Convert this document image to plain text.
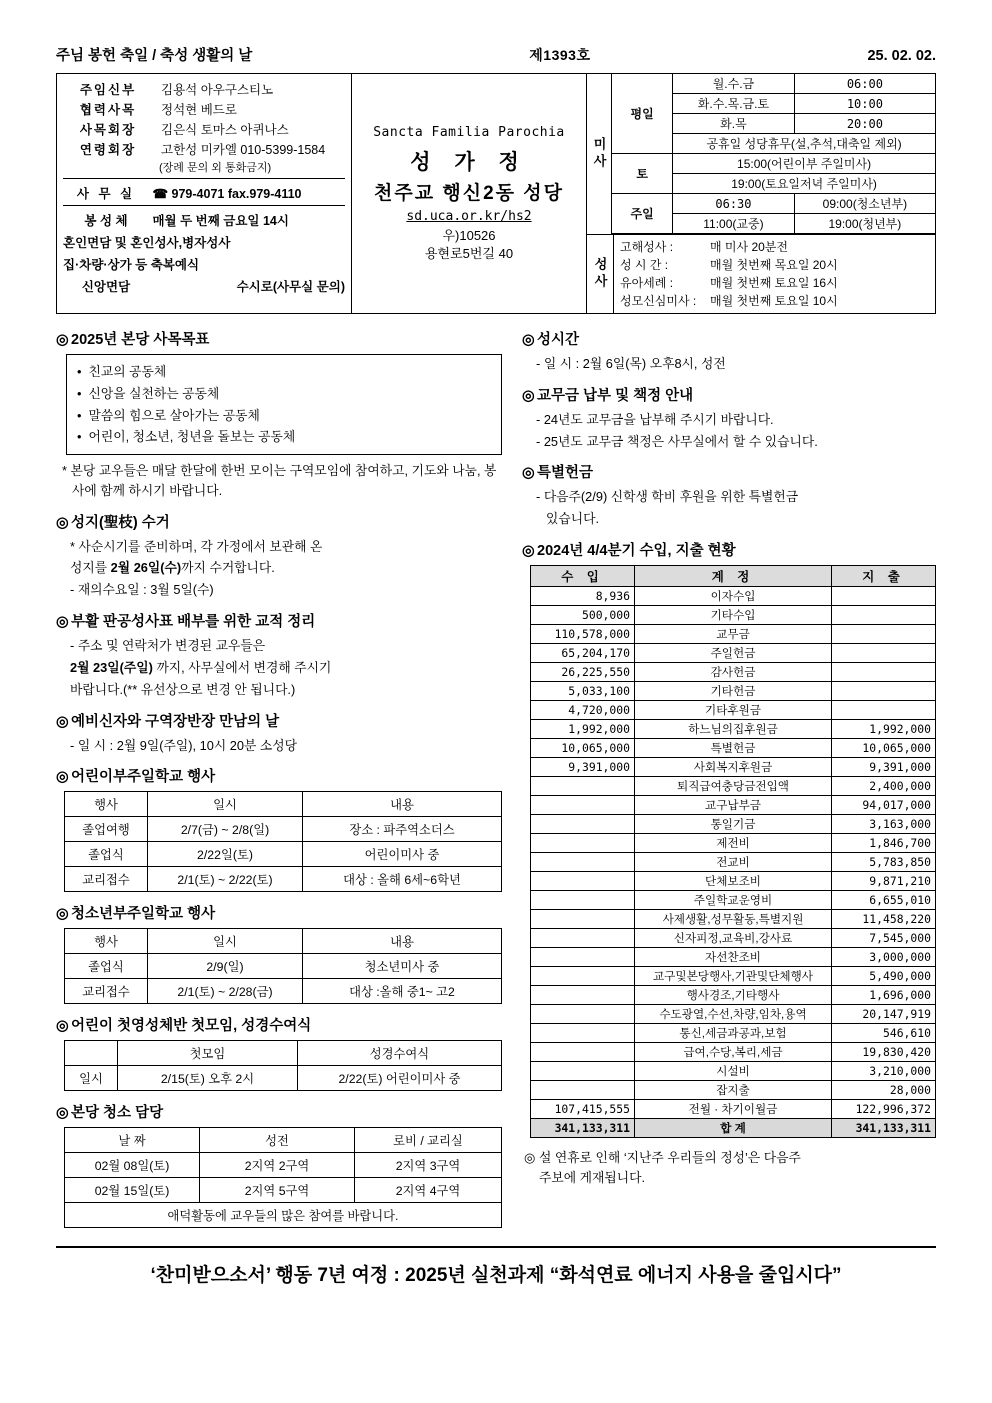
주님 봉헌 축일 / 축성 생활의 날	제1393호	25. 02. 02.
주임신부	김용석 아우구스티노
협력사목	정석현 베드로
사목회장	김은식 토마스 아퀴나스
연령회장	고한성 미카엘 010-5399-1584
(장례 문의 외 통화금지)
사 무 실 ☎ 979-4071 fax.979-4110
봉 성 체 매월 두 번째 금요일 14시
혼인면담 및 혼인성사,병자성사
집·차량·상가 등 축복예식
신앙면담	수시로(사무실 문의)
Sancta Familia Parochia
성 가 정
천주교 행신2동 성당
sd.uca.or.kr/hs2
우)10526
용현로5번길 40
미사
평일	월.수.금	06:00
	화.수.목.금.토	10:00
	화.목	20:00
	공휴일 성당휴무(설,추석,대축일 제외)	
토	15:00(어린이부 주일미사)	
	19:00(토요일저녁 주일미사)	
주일	06:30	09:00(청소년부)
	11:00(교중)	19:00(청년부)
성사
고해성사 :	매 미사 20분전
성 시 간 :	매월 첫번째 목요일 20시
유아세례 :	매월 첫번째 토요일 16시
성모신심미사 : 매월 첫번째 토요일 10시
◎ 2025년 본당 사목목표
• 친교의 공동체
• 신앙을 실천하는 공동체
• 말씀의 힘으로 살아가는 공동체
• 어린이, 청소년, 청년을 돌보는 공동체
* 본당 교우들은 매달 한달에 한번 모이는 구역모임에 참여하고, 기도와 나눔, 봉사에 함께 하시기 바랍니다.
◎ 성지(聖枝) 수거
* 사순시기를 준비하며, 각 가정에서 보관해 온
성지를 2월 26일(수)까지 수거합니다.
- 재의수요일 : 3월 5일(수)
◎ 부활 판공성사표 배부를 위한 교적 정리
- 주소 및 연락처가 변경된 교우들은
2월 23일(주일) 까지, 사무실에서 변경해 주시기
바랍니다.(** 유선상으로 변경 안 됩니다.)
◎ 예비신자와 구역장반장 만남의 날
- 일 시 : 2월 9일(주일), 10시 20분 소성당
◎ 어린이부주일학교 행사
행사	일시	내용
졸업여행	2/7(금) ~ 2/8(일)	장소 : 파주역소더스
졸업식	2/22일(토)	어린이미사 중
교리접수	2/1(토) ~ 2/22(토)	대상 : 올해 6세~6학년
◎ 청소년부주일학교 행사
행사	일시	내용
졸업식	2/9(일)	청소년미사 중
교리접수	2/1(토) ~ 2/28(금)	대상 :올해 중1~ 고2
◎ 어린이 첫영성체반 첫모임, 성경수여식
	첫모임	성경수여식
일시	2/15(토) 오후 2시	2/22(토) 어린이미사 중
◎ 본당 청소 담당
날 짜	성전	로비 / 교리실
02월 08일(토)	2지역 2구역	2지역 3구역
02월 15일(토)	2지역 5구역	2지역 4구역
애덕활동에 교우들의 많은 참여를 바랍니다.		
◎ 성시간
- 일 시 : 2월 6일(목) 오후8시, 성전
◎ 교무금 납부 및 책정 안내
- 24년도 교무금을 납부해 주시기 바랍니다.
- 25년도 교무금 책정은 사무실에서 할 수 있습니다.
◎ 특별헌금
- 다음주(2/9) 신학생 학비 후원을 위한 특별헌금
있습니다.
◎ 2024년 4/4분기 수입, 지출 현황
수 입	계 정	지 출
8,936	이자수입	
500,000	기타수입	
110,578,000	교무금	
65,204,170	주일헌금	
26,225,550	감사헌금	
5,033,100	기타헌금	
4,720,000	기타후원금	
1,992,000	하느님의집후원금	1,992,000
10,065,000	특별헌금	10,065,000
9,391,000	사회복지후원금	9,391,000
	퇴직급여충당금전입액	2,400,000
	교구납부금	94,017,000
	통일기금	3,163,000
	제전비	1,846,700
	전교비	5,783,850
	단체보조비	9,871,210
	주일학교운영비	6,655,010
	사제생활,성무활동,특별지원	11,458,220
	신자피정,교육비,강사료	7,545,000
	자선찬조비	3,000,000
	교구및본당행사,기관및단체행사	5,490,000
	행사경조,기타행사	1,696,000
	수도광열,수선,차량,임차,용역	20,147,919
	통신,세금과공과,보험	546,610
	급여,수당,복리,세금	19,830,420
	시설비	3,210,000
	잡지출	28,000
107,415,555	전월 · 차기이월금	122,996,372
341,133,311	합 계	341,133,311
◎ 설 연휴로 인해 ‘지난주 우리들의 정성’은 다음주
주보에 게재됩니다.
‘찬미받으소서’ 행동 7년 여정 : 2025년 실천과제 “화석연료 에너지 사용을 줄입시다”
